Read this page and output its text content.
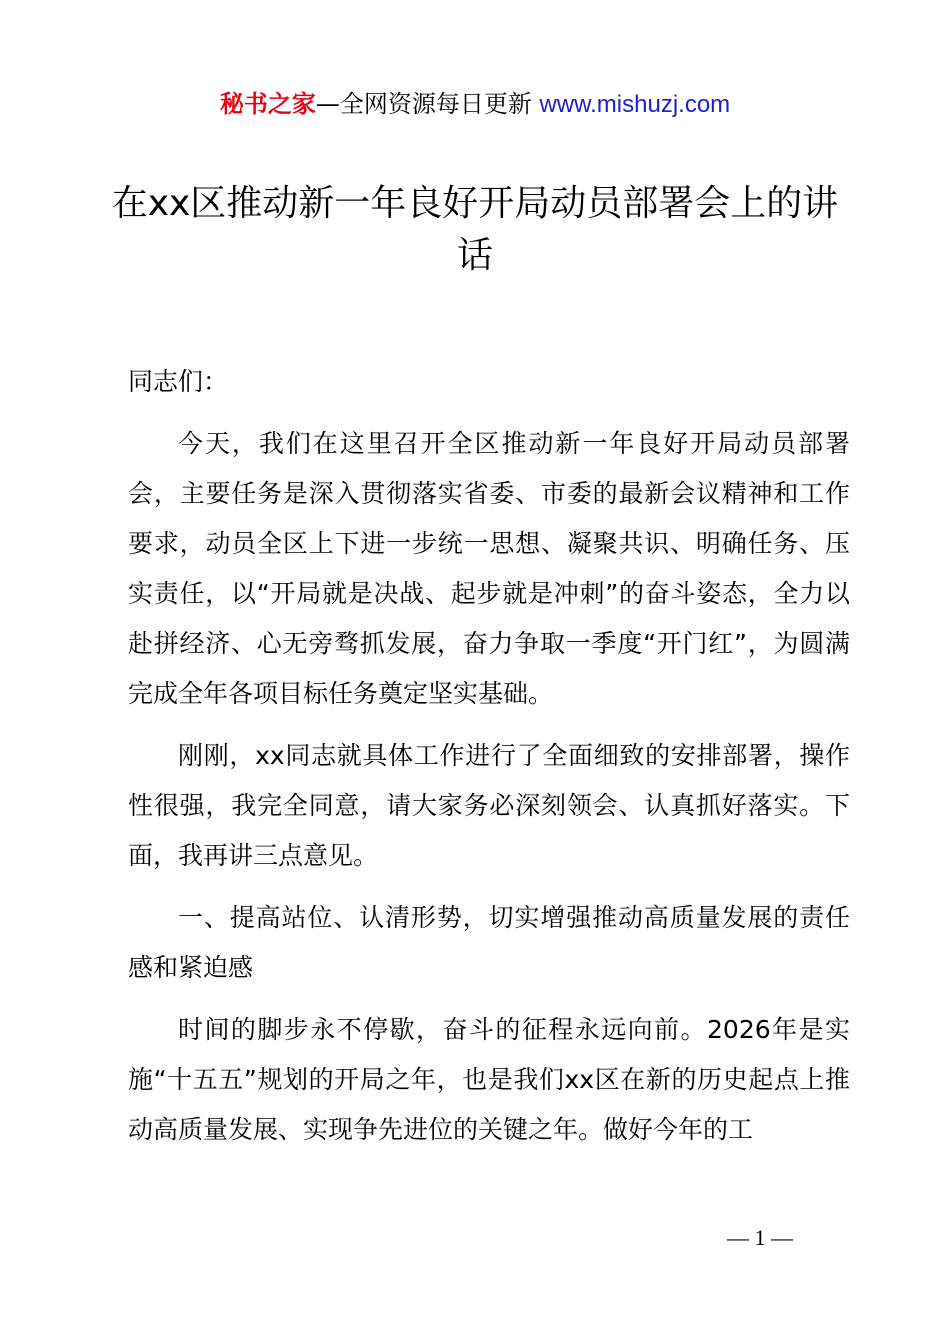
秘书之家—全网资源每日更新 www.mishuzj.com
在xx区推动新一年良好开局动员部署会上的讲话

同志们：

今天，我们在这里召开全区推动新一年良好开局动员部署会，主要任务是深入贯彻落实省委、市委的最新会议精神和工作要求，动员全区上下进一步统一思想、凝聚共识、明确任务、压实责任，以“开局就是决战、起步就是冲刺”的奋斗姿态，全力以赴拼经济、心无旁骛抓发展，奋力争取一季度“开门红”，为圆满完成全年各项目标任务奠定坚实基础。

刚刚，xx同志就具体工作进行了全面细致的安排部署，操作性很强，我完全同意，请大家务必深刻领会、认真抓好落实。下面，我再讲三点意见。

一、提高站位、认清形势，切实增强推动高质量发展的责任感和紧迫感

时间的脚步永不停歇，奋斗的征程永远向前。2026年是实施“十五五”规划的开局之年，也是我们xx区在新的历史起点上推动高质量发展、实现争先进位的关键之年。做好今年的工

— 1 —
